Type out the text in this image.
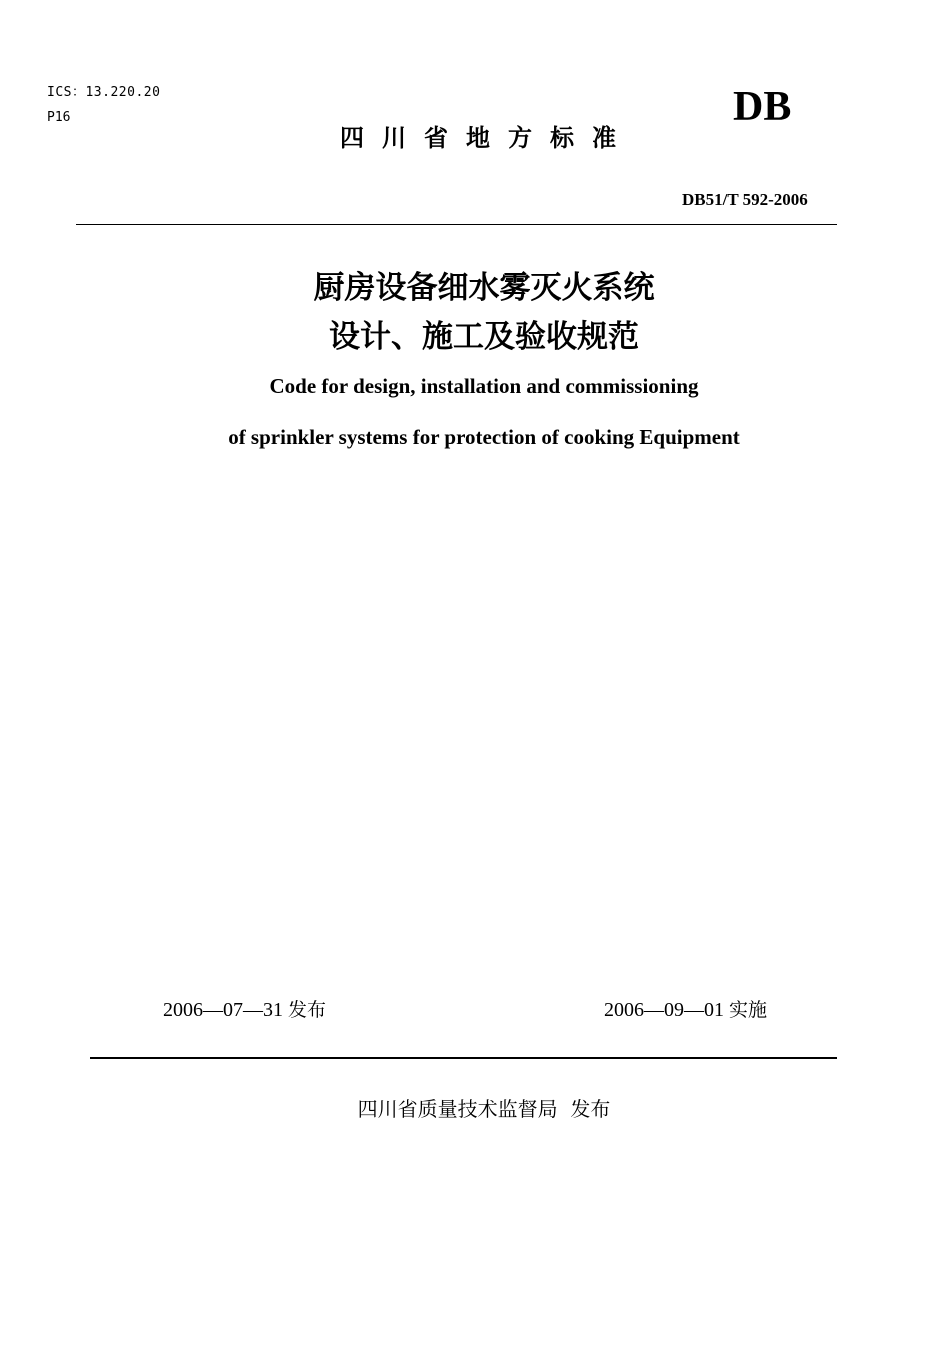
ICS：13.220.20
P16	DB
四川省地方标准
DB51/T 592-2006
厨房设备细水雾灭火系统
设计、施工及验收规范
Code for design, installation and commissioning
of sprinkler systems for protection of cooking Equipment
2006—07—31 发布	2006—09—01 实施
四川省质量技术监督局  发布
